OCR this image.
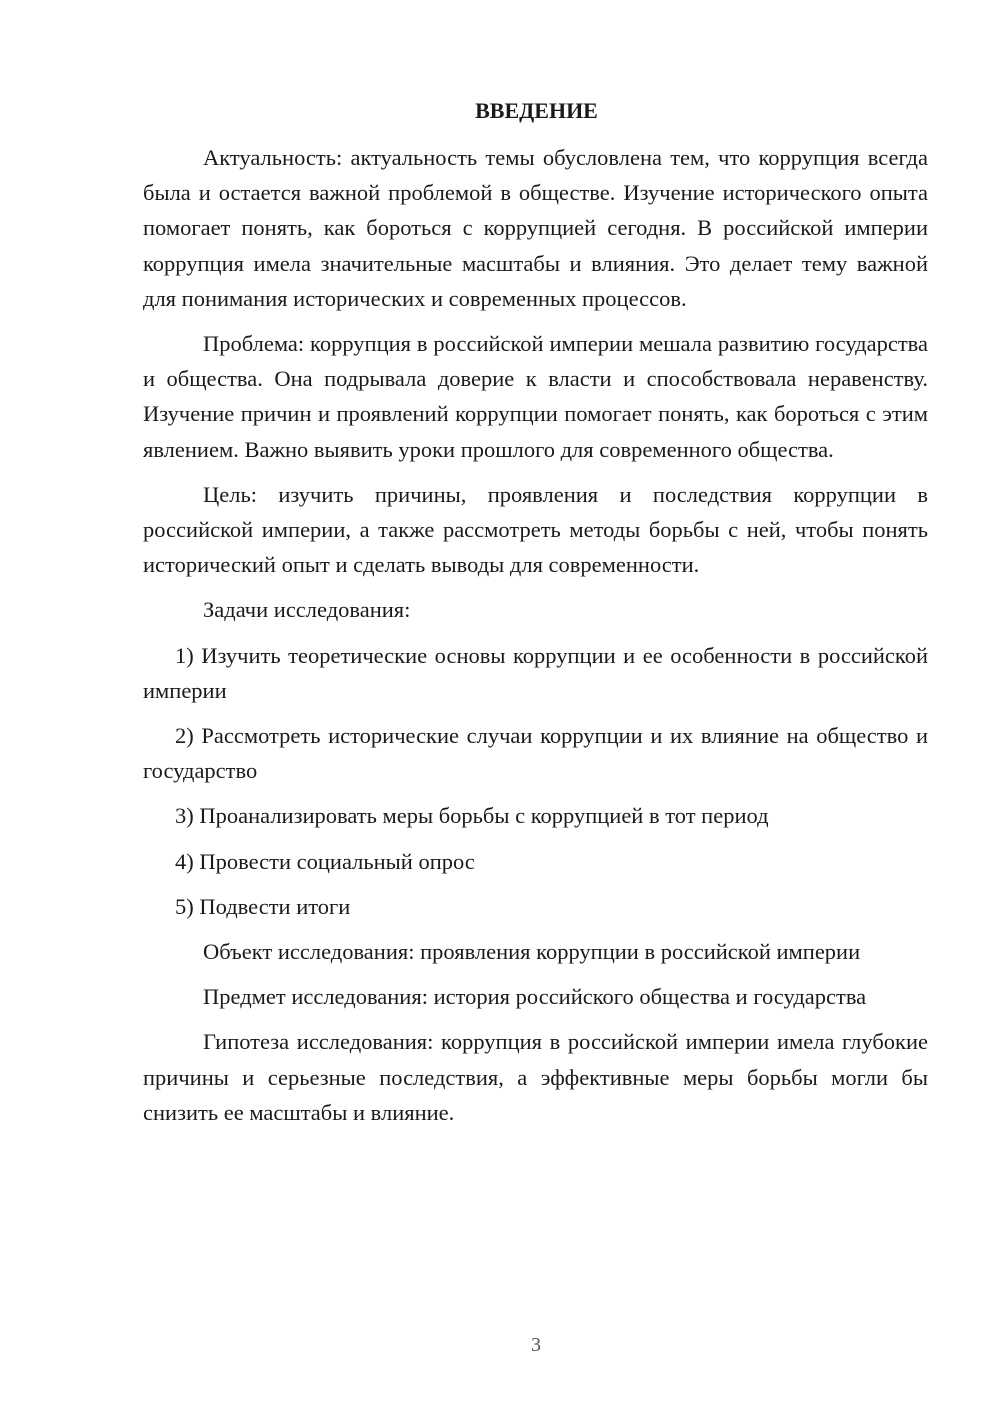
ВВЕДЕНИЕ

Актуальность: актуальность темы обусловлена тем, что коррупция всегда была и остается важной проблемой в обществе. Изучение исторического опыта помогает понять, как бороться с коррупцией сегодня. В российской империи коррупция имела значительные масштабы и влияния. Это делает тему важной для понимания исторических и современных процессов.

Проблема: коррупция в российской империи мешала развитию государства и общества. Она подрывала доверие к власти и способствовала неравенству. Изучение причин и проявлений коррупции помогает понять, как бороться с этим явлением. Важно выявить уроки прошлого для современного общества.

Цель: изучить причины, проявления и последствия коррупции в российской империи, а также рассмотреть методы борьбы с ней, чтобы понять исторический опыт и сделать выводы для современности.

Задачи исследования:

1) Изучить теоретические основы коррупции и ее особенности в российской империи

2) Рассмотреть исторические случаи коррупции и их влияние на общество и государство

3) Проанализировать меры борьбы с коррупцией в тот период

4) Провести социальный опрос

5) Подвести итоги

Объект исследования: проявления коррупции в российской империи

Предмет исследования: история российского общества и государства

Гипотеза исследования: коррупция в российской империи имела глубокие причины и серьезные последствия, а эффективные меры борьбы могли бы снизить ее масштабы и влияние.

3
